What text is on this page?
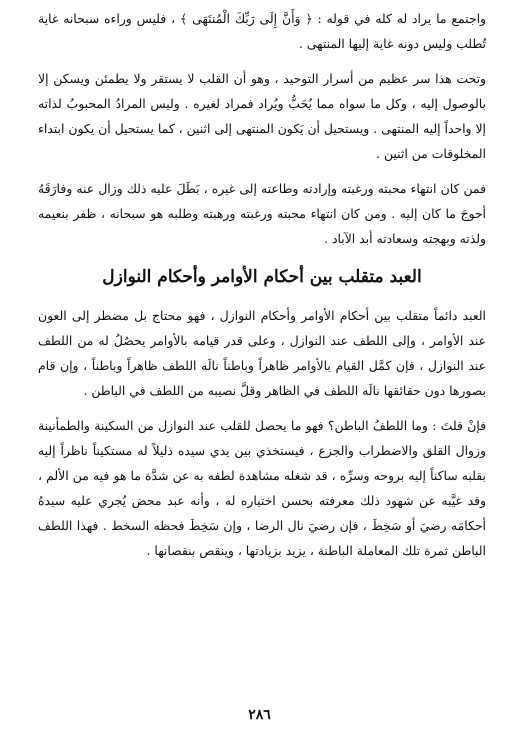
واجتمع ما يراد له كله في قوله : ﴿ وَأَنَّ إِلَى رَبِّكَ الْمُنتَهَى ﴾ ، فليس وراءه سبحانه غاية تُطلب وليس دونه غاية إليها المنتهى .

وتحت هذا سر عظيم من أسرار التوحيد ، وهو أن القلب لا يستقر ولا يطمئن ويسكن إلا بالوصول إليه ، وكل ما سواه مما يُحَبُّ ويُراد فمراد لغيره . وليس المرادُ المحبوبُ لذاته إلا واحداً إليه المنتهى . ويستحيل أن يَكون المنتهى إلى اثنين ، كما يستحيل أن يكون ابتداء المخلوقات من اثنين .

فمن كان انتهاء محبته ورغبته وإرادته وطاعته إلى غيره ، بَطَلَ عليه ذلك وزال عنه وفارَقَهُ أحوجَ ما كان إليه . ومن كان انتهاء محبته ورغبته ورهبته وطلبه هو سبحانه ، ظفر بنعيمه ولذته وبهجته وسعادته أبد الآباد .

العبد متقلب بين أحكام الأوامر وأحكام النوازل

العبد دائماً متقلب بين أحكام الأوامر وأحكام النوازل ، فهو محتاج بل مضطر إلى العون عند الأوامر ، وإلى اللطف عند النوازل ، وعلى قدر قيامه بالأوامر يحصُلُ له من اللطف عند النوازل ، فإن كمَّل القيام بالأوامر ظاهراً وباطناً نالَه اللطف ظاهراً وباطناً ، وإن قام بصورها دون حقائقها نالَه اللطف في الظاهر وقلَّ نصيبه من اللطف في الباطن .

فإنْ قلتَ : وما اللطفُ الباطن؟ فهو ما يحصل للقلب عند النوازل من السكينة والطمأنينة وزوال القلق والاضطراب والجزع ، فيستخذي بين يدي سيده ذليلاً له مستكيناً ناظراً إليه بقلبه ساكناً إليه بروحه وسرِّه ، قد شغله مشاهدة لطفه به عن شدَّة ما هو فيه من الألم ، وقد غيَّبه عن شهود ذلك معرفته بحسن اختياره له ، وأنه عبد محض يُجري عليه سيدهُ أحكامَه رضيَ أو سَخِطَ ، فإن رضيَ نال الرضا ، وإن سَخِطَ فحظه السخط . فهذا اللطف الباطن ثمرة تلك المعاملة الباطنة ، يزيد بزيادتها ، وينقص بنقصانها .

٢٨٦
